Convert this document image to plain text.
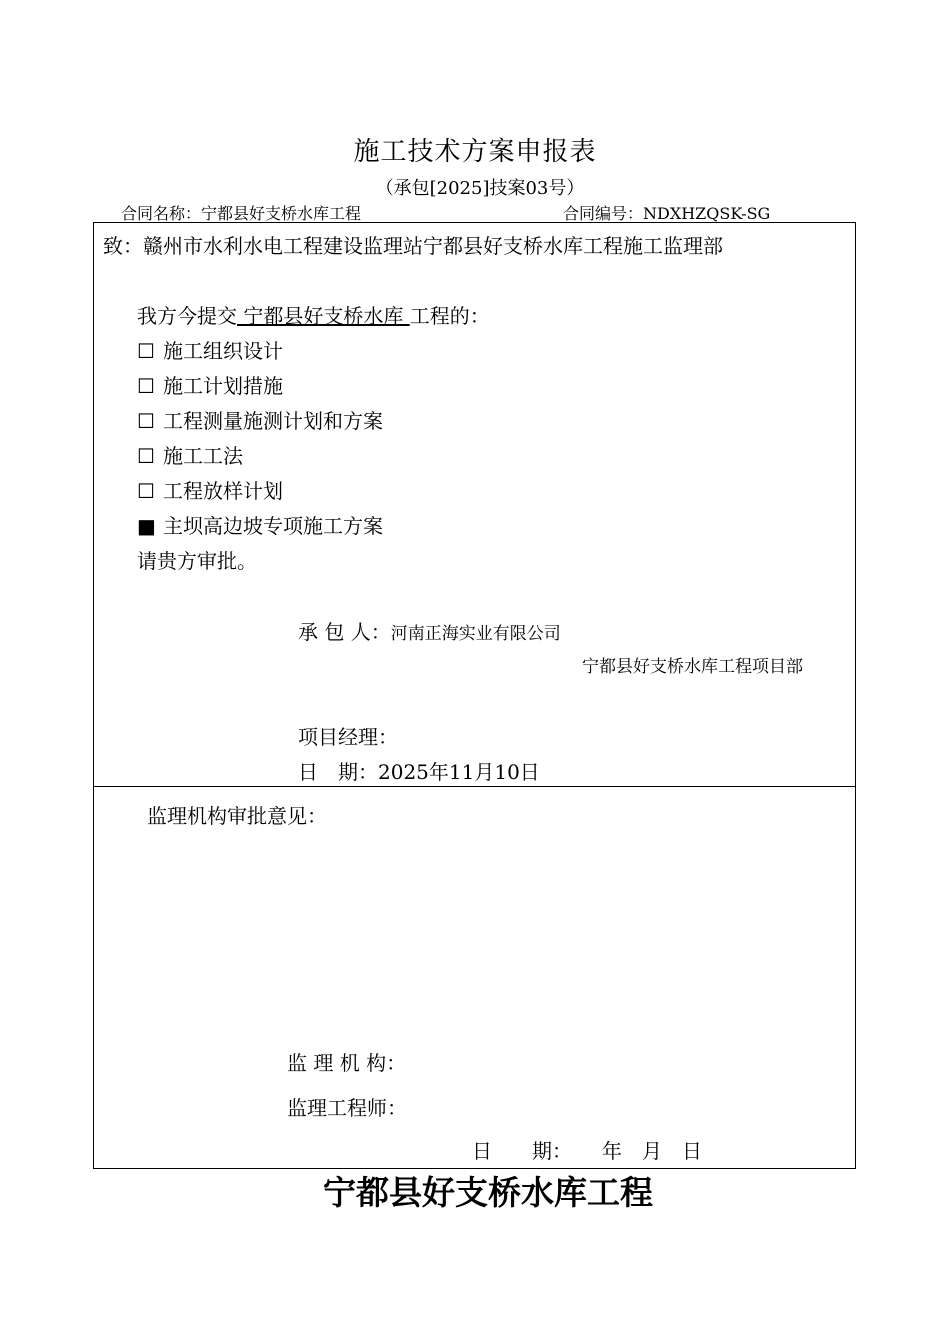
施工技术方案申报表
（承包[2025]技案03号）
合同名称：宁都县好支桥水库工程	合同编号：NDXHZQSK-SG
致：赣州市水利水电工程建设监理站宁都县好支桥水库工程施工监理部
我方今提交 宁都县好支桥水库 工程的：
☐ 施工组织设计
☐ 施工计划措施
☐ 工程测量施测计划和方案
☐ 施工工法
☐ 工程放样计划
■ 主坝高边坡专项施工方案
请贵方审批。
承 包 人：河南正海实业有限公司
宁都县好支桥水库工程项目部
项目经理：
日　期：2025年11月10日
监理机构审批意见：
监 理 机 构：
监理工程师：
日　　期：　　年　月　日
宁都县好支桥水库工程
